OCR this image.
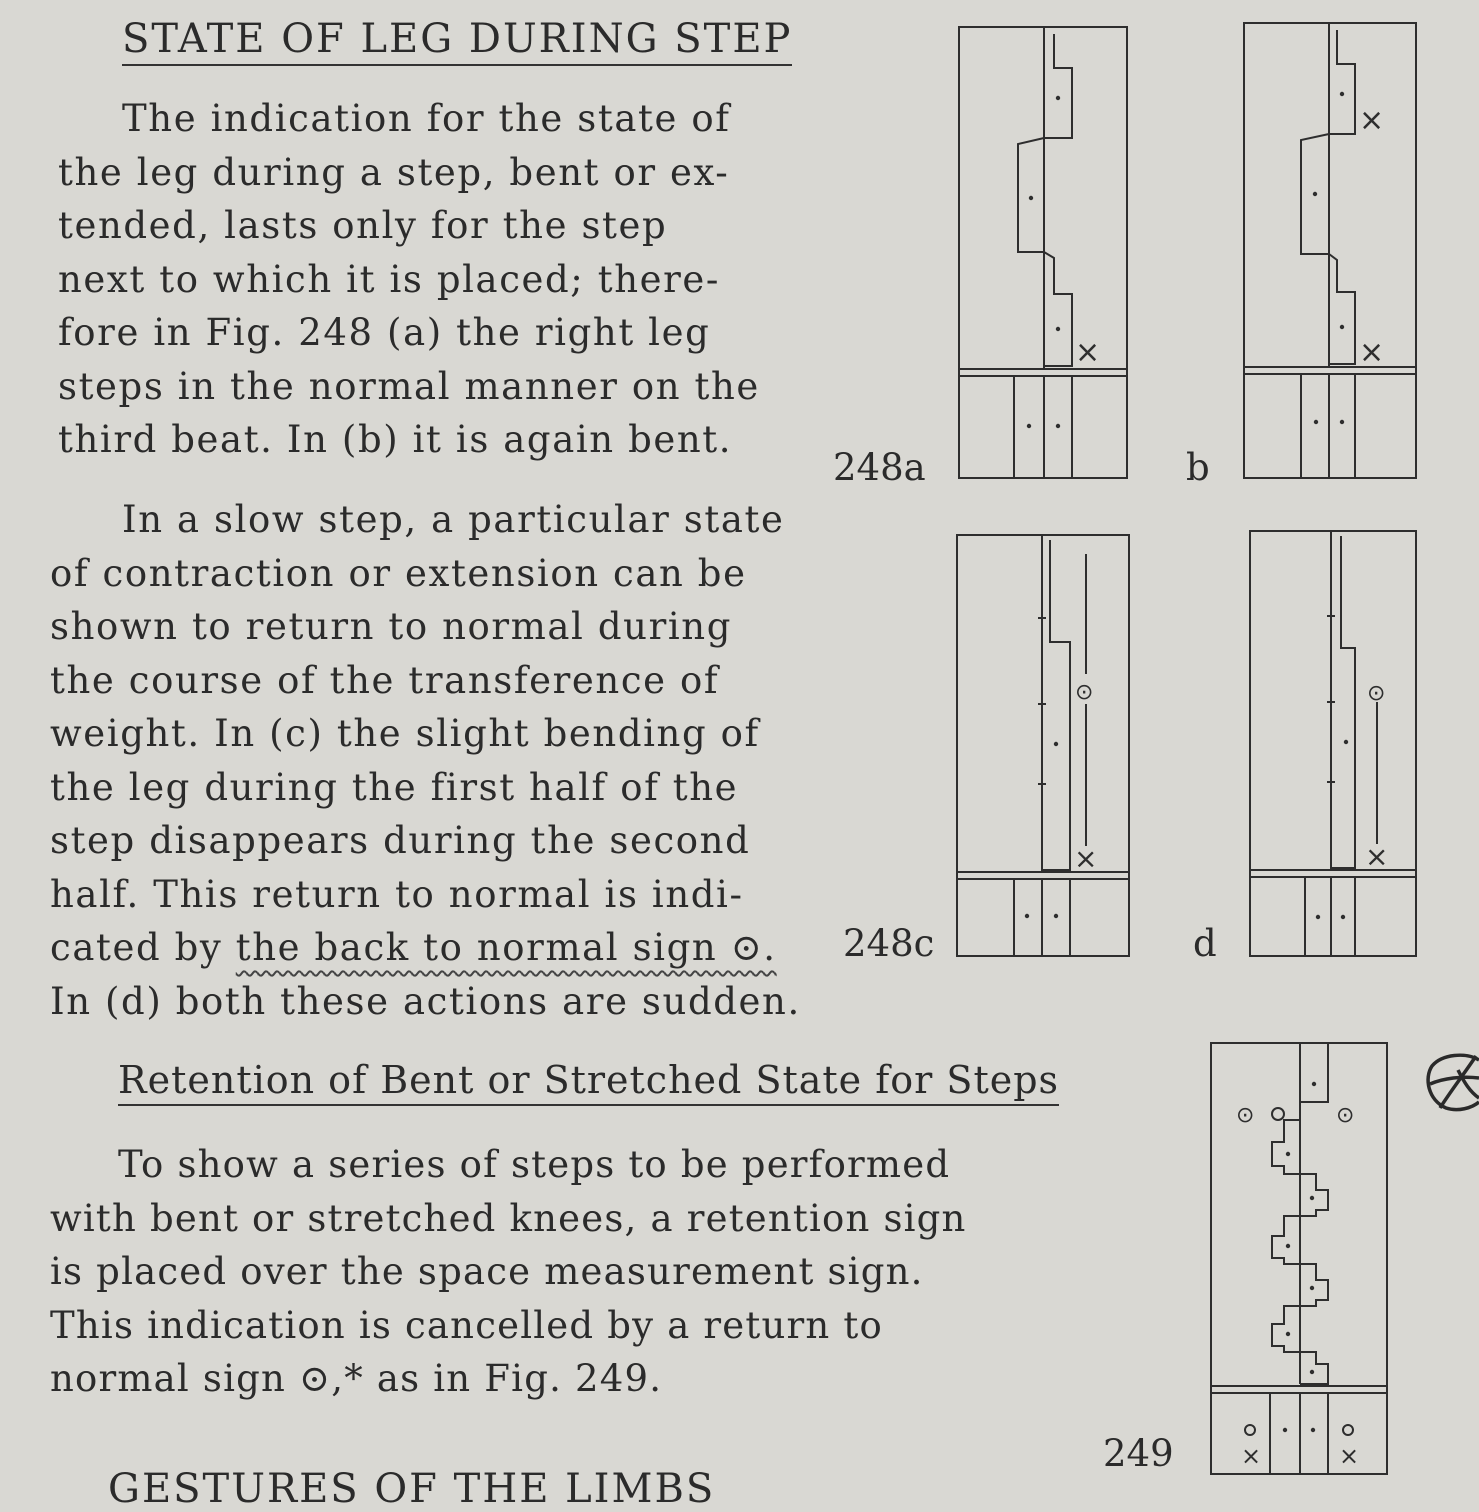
STATE OF LEG DURING STEP
The indication for the state of
the leg during a step, bent or ex-
tended, lasts only for the step
next to which it is placed; there-
fore in Fig. 248 (a) the right leg
steps in the normal manner on the
third beat. In (b) it is again bent.
In a slow step, a particular state
of contraction or extension can be
shown to return to normal during
the course of the transference of
weight. In (c) the slight bending of
the leg during the first half of the
step disappears during the second
half. This return to normal is indi-
cated by the back to normal sign ⊙.
In (d) both these actions are sudden.
Retention of Bent or Stretched State for Steps
To show a series of steps to be performed
with bent or stretched knees, a retention sign
is placed over the space measurement sign.
This indication is cancelled by a return to
normal sign ⊙,* as in Fig. 249.
GESTURES OF THE LIMBS
248a	b
248c	d
249
×
×
×
⊙
×
⊙
×
⊙	⊙
×	×
